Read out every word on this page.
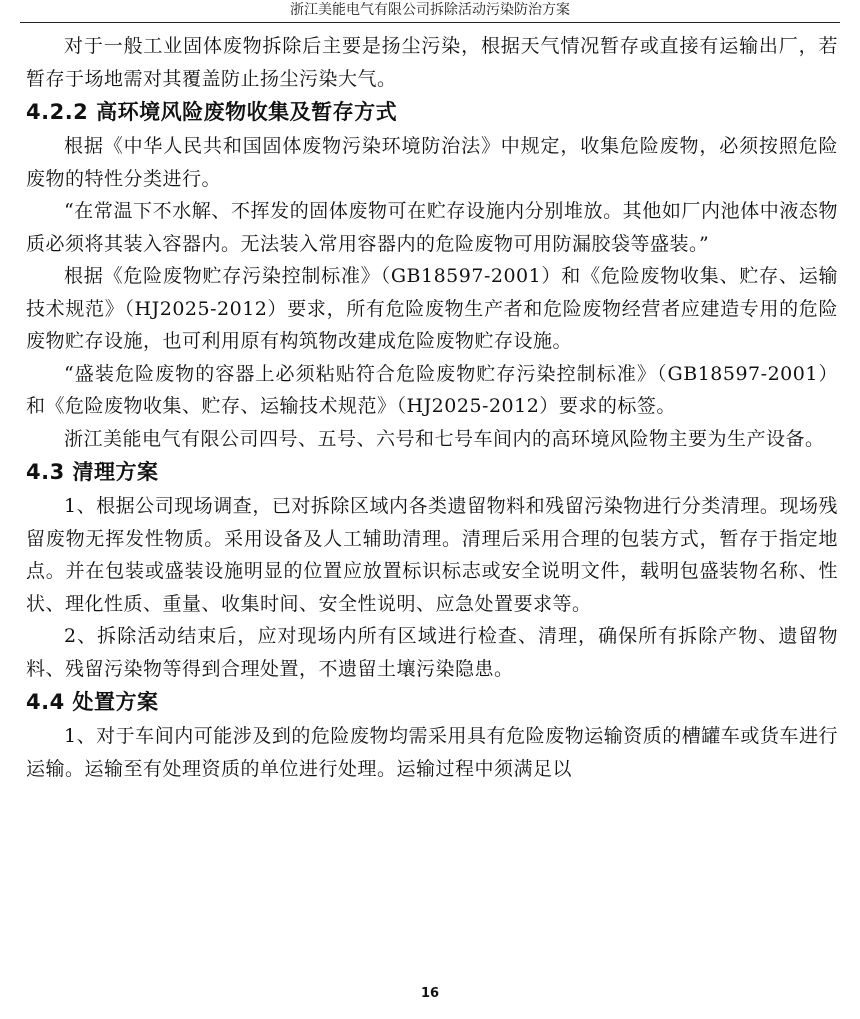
浙江美能电气有限公司拆除活动污染防治方案

对于一般工业固体废物拆除后主要是扬尘污染，根据天气情况暂存或直接有运输出厂，若暂存于场地需对其覆盖防止扬尘污染大气。

4.2.2 高环境风险废物收集及暂存方式

根据《中华人民共和国固体废物污染环境防治法》中规定，收集危险废物，必须按照危险废物的特性分类进行。

“在常温下不水解、不挥发的固体废物可在贮存设施内分别堆放。其他如厂内池体中液态物质必须将其装入容器内。无法装入常用容器内的危险废物可用防漏胶袋等盛装。”

根据《危险废物贮存污染控制标准》（GB18597-2001）和《危险废物收集、贮存、运输技术规范》（HJ2025-2012）要求，所有危险废物生产者和危险废物经营者应建造专用的危险废物贮存设施，也可利用原有构筑物改建成危险废物贮存设施。

“盛装危险废物的容器上必须粘贴符合危险废物贮存污染控制标准》（GB18597-2001）和《危险废物收集、贮存、运输技术规范》（HJ2025-2012）要求的标签。

浙江美能电气有限公司四号、五号、六号和七号车间内的高环境风险物主要为生产设备。

4.3 清理方案

1、根据公司现场调查，已对拆除区域内各类遗留物料和残留污染物进行分类清理。现场残留废物无挥发性物质。采用设备及人工辅助清理。清理后采用合理的包装方式，暂存于指定地点。并在包装或盛装设施明显的位置应放置标识标志或安全说明文件，载明包盛装物名称、性状、理化性质、重量、收集时间、安全性说明、应急处置要求等。

2、拆除活动结束后，应对现场内所有区域进行检查、清理，确保所有拆除产物、遗留物料、残留污染物等得到合理处置，不遗留土壤污染隐患。

4.4 处置方案

1、对于车间内可能涉及到的危险废物均需采用具有危险废物运输资质的槽罐车或货车进行运输。运输至有处理资质的单位进行处理。运输过程中须满足以

16
